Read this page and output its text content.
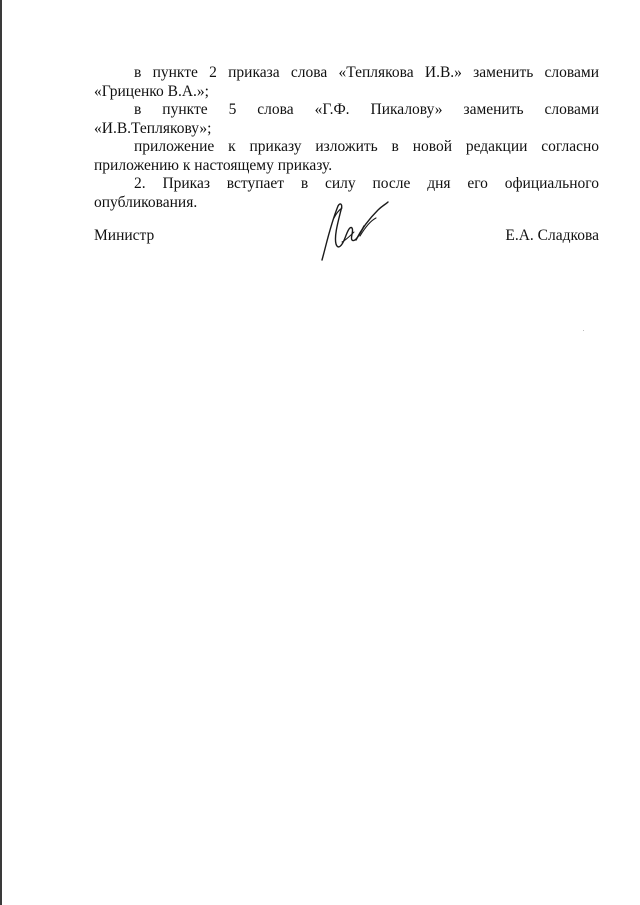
в пункте 2 приказа слова «Теплякова И.В.» заменить словами «Гриценко В.А.»;

в пункте 5 слова «Г.Ф. Пикалову» заменить словами «И.В.Теплякову»;

приложение к приказу изложить в новой редакции согласно приложению к настоящему приказу.

2. Приказ вступает в силу после дня его официального опубликования.

Министр	Е.А. Сладкова
